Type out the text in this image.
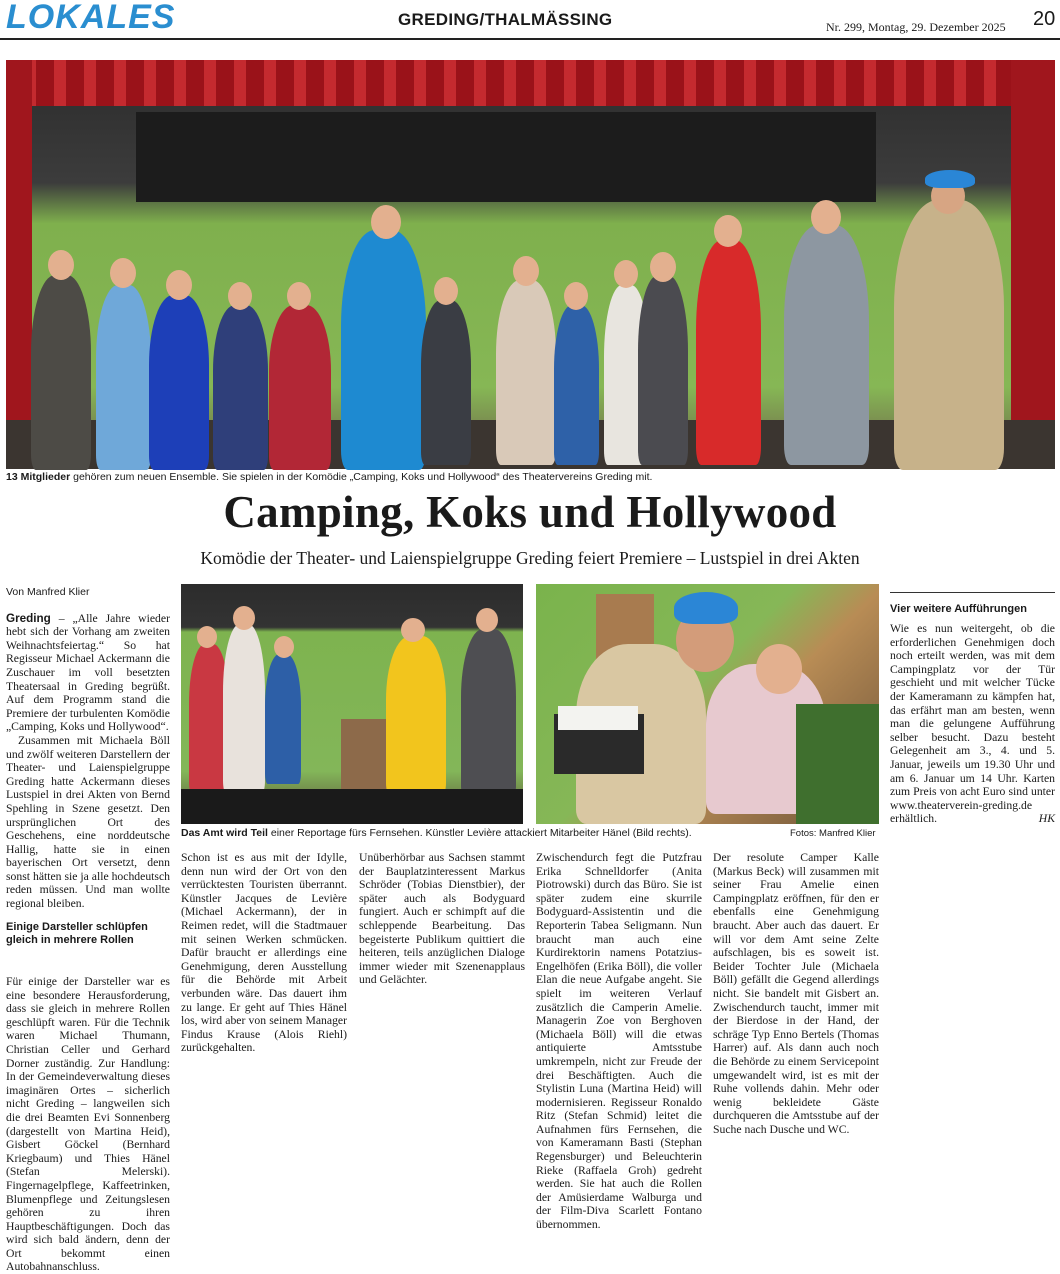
LOKALES	GREDING/THALMÄSSING	Nr. 299, Montag, 29. Dezember 2025 20
13 Mitglieder gehören zum neuen Ensemble. Sie spielen in der Komödie „Camping, Koks und Hollywood“ des Theatervereins Greding mit.
Camping, Koks und Hollywood
Komödie der Theater- und Laienspielgruppe Greding feiert Premiere – Lustspiel in drei Akten
Das Amt wird Teil einer Reportage fürs Fernsehen. Künstler Levière attackiert Mitarbeiter Hänel (Bild rechts).	Fotos: Manfred Klier

Von Manfred Klier

Greding – „Alle Jahre wieder hebt sich der Vorhang am zweiten Weihnachtsfeiertag.“ So hat Regisseur Michael Ackermann die Zuschauer im voll besetzten Theatersaal in Greding begrüßt. Auf dem Programm stand die Premiere der turbulenten Komödie „Camping, Koks und Hollywood“.

Zusammen mit Michaela Böll und zwölf weiteren Darstellern der Theater- und Laienspielgruppe Greding hatte Ackermann dieses Lustspiel in drei Akten von Bernd Spehling in Szene gesetzt. Den ursprünglichen Ort des Geschehens, eine norddeutsche Hallig, hatte sie in einen bayerischen Ort versetzt, denn sonst hätten sie ja alle hochdeutsch reden müssen. Und man wollte regional bleiben.

Einige Darsteller schlüpfen gleich in mehrere Rollen

Für einige der Darsteller war es eine besondere Herausforderung, dass sie gleich in mehrere Rollen geschlüpft waren. Für die Technik waren Michael Thumann, Christian Celler und Gerhard Dorner zuständig. Zur Handlung: In der Gemeindeverwaltung dieses imaginären Ortes – sicherlich nicht Greding – langweilen sich die drei Beamten Evi Sonnenberg (dargestellt von Martina Heid), Gisbert Göckel (Bernhard Kriegbaum) und Thies Hänel (Stefan Melerski). Fingernagelpflege, Kaffeetrinken, Blumenpflege und Zeitungslesen gehören zu ihren Hauptbeschäftigungen. Doch das wird sich bald ändern, denn der Ort bekommt einen Autobahnanschluss.

Schon ist es aus mit der Idylle, denn nun wird der Ort von den verrücktesten Touristen überrannt. Künstler Jacques de Levière (Michael Ackermann), der in Reimen redet, will die Stadtmauer mit seinen Werken schmücken. Dafür braucht er allerdings eine Genehmigung, deren Ausstellung für die Behörde mit Arbeit verbunden wäre. Das dauert ihm zu lange. Er geht auf Thies Hänel los, wird aber von seinem Manager Findus Krause (Alois Riehl) zurückgehalten.

Unüberhörbar aus Sachsen stammt der Bauplatzinteressent Markus Schröder (Tobias Dienstbier), der später auch als Bodyguard fungiert. Auch er schimpft auf die schleppende Bearbeitung. Das begeisterte Publikum quittiert die heiteren, teils anzüglichen Dialoge immer wieder mit Szenenapplaus und Gelächter.

Zwischendurch fegt die Putzfrau Erika Schnelldorfer (Anita Piotrowski) durch das Büro. Sie ist später zudem eine skurrile Bodyguard-Assistentin und die Reporterin Tabea Seligmann. Nun braucht man auch eine Kurdirektorin namens Potatzius-Engelhöfen (Erika Böll), die voller Elan die neue Aufgabe angeht. Sie spielt im weiteren Verlauf zusätzlich die Camperin Amelie. Managerin Zoe von Berghoven (Michaela Böll) will die etwas antiquierte Amtsstube umkrempeln, nicht zur Freude der drei Beschäftigten. Auch die Stylistin Luna (Martina Heid) will modernisieren. Regisseur Ronaldo Ritz (Stefan Schmid) leitet die Aufnahmen fürs Fernsehen, die von Kameramann Basti (Stephan Regensburger) und Beleuchterin Rieke (Raffaela Groh) gedreht werden. Sie hat auch die Rollen der Amüsierdame Walburga und der Film-Diva Scarlett Fontano übernommen.

Der resolute Camper Kalle (Markus Beck) will zusammen mit seiner Frau Amelie einen Campingplatz eröffnen, für den er ebenfalls eine Genehmigung braucht. Aber auch das dauert. Er will vor dem Amt seine Zelte aufschlagen, bis es soweit ist. Beider Tochter Jule (Michaela Böll) gefällt die Gegend allerdings nicht. Sie bandelt mit Gisbert an. Zwischendurch taucht, immer mit der Bierdose in der Hand, der schräge Typ Enno Bertels (Thomas Harrer) auf. Als dann auch noch die Behörde zu einem Servicepoint umgewandelt wird, ist es mit der Ruhe vollends dahin. Mehr oder wenig bekleidete Gäste durchqueren die Amtsstube auf der Suche nach Dusche und WC.

Vier weitere Aufführungen

Wie es nun weitergeht, ob die erforderlichen Genehmigen doch noch erteilt werden, was mit dem Campingplatz vor der Tür geschieht und mit welcher Tücke der Kameramann zu kämpfen hat, das erfährt man am besten, wenn man die gelungene Aufführung selber besucht. Dazu besteht Gelegenheit am 3., 4. und 5. Januar, jeweils um 19.30 Uhr und am 6. Januar um 14 Uhr. Karten zum Preis von acht Euro sind unter www.theaterverein-greding.de erhältlich.	HK
